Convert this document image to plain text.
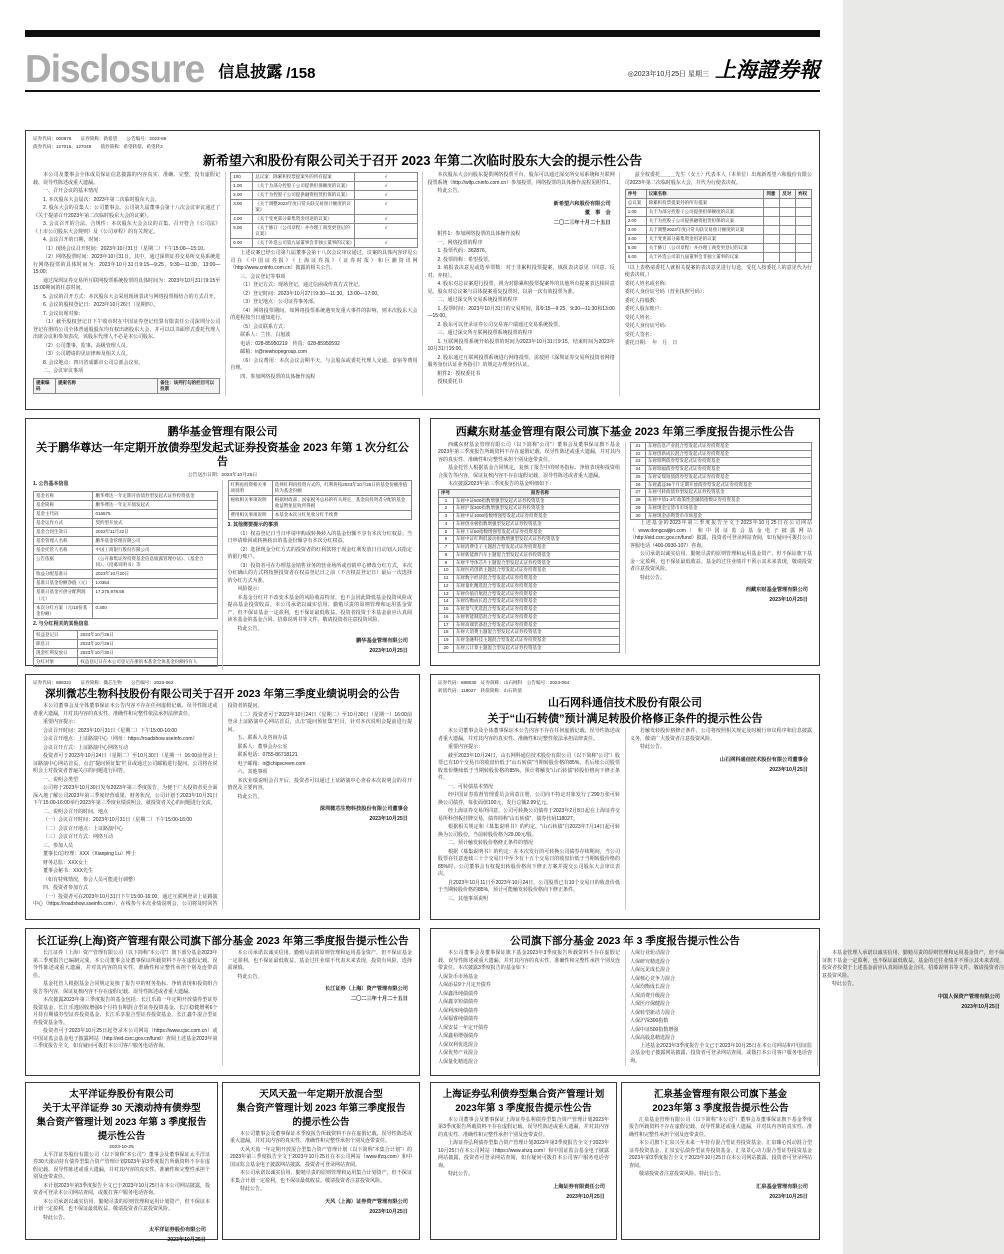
Disclosure 信息披露 /158	◎2023年10月25日 星期三 上海證券報
证券代码：000876　　证券简称：新希望　　公告编号：2023-86
债券代码：127015、127049　　债券简称：希望转债、希望转2
新希望六和股份有限公司关于召开 2023 年第二次临时股东大会的提示性公告
本公司及董事会全体成员保证信息披露的内容真实、准确、完整，没有虚假记载、误导性陈述或重大遗漏。
一、召开会议的基本情况
1. 本次股东大会届次：2023年第二次临时股东大会。
2. 股东大会的召集人：公司董事会。公司第九届董事会第十八次会议审议通过了《关于提请召开2023年第二次临时股东大会的议案》。
3. 会议召开的合法、合规性：本次股东大会会议的召集、召开符合《公司法》《上市公司股东大会规则》及《公司章程》的有关规定。
4. 会议召开的日期、时间：
（1）现场会议召开时间：2023年10月31日（星期二）下午15:00—15:10。
（2）网络投票时间：2023年10月31日。其中，通过深圳证券交易所交易系统进行网络投票的具体时间为：2023年10月31日9:15—9:25，9:30—11:30，13:00—15:00；
通过深圳证券交易所互联网投票系统投票的具体时间为：2023年10月31日9:15至15:00期间的任意时间。
5. 会议的召开方式：本次股东大会采用现场表决与网络投票相结合的方式召开。
6. 会议的股权登记日：2023年10月26日（星期四）。
7. 会议出席对象：
（1）截至股权登记日下午收市时在中国证券登记结算有限责任公司深圳分公司登记在册的公司全体普通股股东均有权出席股东大会，并可以以书面形式委托代理人出席会议和参加表决，该股东代理人不必是本公司股东。
（2）公司董事、监事、高级管理人员。
（3）公司聘请的见证律师及相关人员。
8. 会议地点：四川省成都市公司总部会议室。
二、会议审议事项
提案编码	提案名称	备注：该列打勾的栏目可以投票
100	总议案：除累积投票提案外的所有提案	√
1.00	《关于为部分控股子公司提供担保额度的议案》	√
2.00	《关于为控股子公司提供融资租赁担保的议案》	√
3.00	《关于调整2023年度日常关联交易预计额度的议案》	√
4.00	《关于变更部分募集资金用途的议案》	√
5.00	《关于修订〈公司章程〉并办理工商变更登记的议案》	√
6.00	《关于补选公司第九届董事会非独立董事的议案》	√
上述议案已经公司第九届董事会第十八次会议审议通过，议案的具体内容详见公司在《中国证券报》《上海证券报》《证券时报》和巨潮资讯网（http://www.cninfo.com.cn）披露的相关公告。
三、会议登记等事项
（1）登记方式：现场登记、通过信函或传真方式登记。
（2）登记时间：2023年10月27日9:30—11:30，13:00—17:00。
（3）登记地点：公司证券事务部。
（4）网络投票期间，如网络投票系统遇突发重大事件的影响，则本次股东大会的进程按当日通知进行。
（5）会议联系方式：
联系人：兰佳、白旭波
电话：028-85950219　传真：028-85950592
邮箱：ir@newhopegroup.com
（6）会议费用：本次会议会期半天，与会股东或委托代理人交通、食宿等费用自理。
四、参加网络投票的具体操作流程
本次股东大会向股东提供网络投票平台，股东可以通过深交所交易系统和互联网投票系统（http://wltp.cninfo.com.cn）参加投票，网络投票的具体操作流程见附件1。
特此公告。
新希望六和股份有限公司
董　事　会
二〇二三年十月二十五日
附件1：参加网络投票的具体操作流程
一、网络投票的程序
1. 投票代码：362876。
2. 投票简称：希望投票。
3. 填报表决意见或选举票数：对于非累积投票提案，填报表决意见（同意、反对、弃权）。
4. 股东对总议案进行投票，视为对除累积投票提案外的其他所有提案表达相同意见。股东对总议案与具体提案重复投票时，以第一次有效投票为准。
二、通过深交所交易系统投票的程序
1. 投票时间：2023年10月31日的交易时间，即9:15—9:25，9:30—11:30和13:00—15:00。
2. 股东可以登录证券公司交易客户端通过交易系统投票。
三、通过深交所互联网投票系统投票的程序
1. 互联网投票系统开始投票的时间为2023年10月31日9:15，结束时间为2023年10月31日15:00。
2. 股东通过互联网投票系统进行网络投票，需按照《深圳证券交易所投资者网络服务身份认证业务指引》的规定办理身份认证。
附件2：授权委托书
授权委托书
兹全权委托＿＿＿先生（女士）代表本人（本单位）出席新希望六和股份有限公司2023年第二次临时股东大会，并代为行使表决权。
序号	议案名称	同意	反对	弃权
总议案	除累积投票提案外的所有提案			
1.00	关于为部分控股子公司提供担保额度的议案			
2.00	关于为控股子公司提供融资租赁担保的议案			
3.00	关于调整2023年度日常关联交易预计额度的议案			
4.00	关于变更部分募集资金用途的议案			
5.00	关于修订〈公司章程〉并办理工商变更登记的议案			
6.00	关于补选公司第九届董事会非独立董事的议案			
（以上表格请委托人就相关提案的表决意见进行勾选，受托人按委托人的意见代为行使表决权。）
委托人姓名或名称：
委托人身份证号码（营业执照号码）：
委托人持股数：
委托人股东账户：
受托人姓名：
受托人身份证号码：
受托人签名：
委托日期：　年　月　日
鹏华基金管理有限公司
关于鹏华尊达一年定期开放债券型发起式证券投资基金 2023 年第 1 次分红公告
公告送出日期：2023年10月25日
1. 公告基本信息
基金名称	鹏华尊达一年定期开放债券型发起式证券投资基金
基金简称	鹏华尊达一年定开债发起式
基金主代码	016575
基金运作方式	契约型开放式
基金合同生效日	2022年11月22日
基金管理人名称	鹏华基金管理有限公司
基金托管人名称	中国工商银行股份有限公司
公告依据	《公开募集证券投资基金信息披露管理办法》、《基金合同》、《招募说明书》等
收益分配基准日	2023年10月20日
基准日基金份额净值（元）	1.0354
基准日基金可供分配利润（元）	17,275,978.56
本次分红方案（元/10份基金份额）	0.300
2. 与分红相关的其他信息
权益登记日	2023年10月26日
除息日	2023年10月26日
现金红利发放日	2023年10月30日
分红对象	权益登记日在本公司登记在册的本基金全体基金份额持有人
红利再投资相关事项说明	选择红利再投资方式的，红利将按2023年10月26日的基金份额净值转为基金份额
税收相关事项说明	根据财政部、国家税务总局的有关规定，基金向投资者分配的基金收益暂免征收所得税
费用相关事项说明	本基金本次分红免收分红手续费
3. 其他需要提示的事项
（1）权益登记日当日申请申购或转换转入的基金份额不享有本次分红权益；当日申请赎回或转换转出的基金份额享有本次分红权益。
（2）选择现金分红方式的投资者的红利款将于现金红利发放日自动划入其指定的银行账户。
（3）投资者可在办理基金销售业务的营业场所或直销中心修改分红方式，本次分红确认的方式将按照投资者在权益登记日之前（不含权益登记日）最后一次选择的分红方式为准。
风险提示：
本基金分红并不改变本基金的风险收益特征，也不会因此降低基金投资风险或提高基金投资收益。本公司承诺以诚实信用、勤勉尽责的原则管理和运用基金资产，但不保证基金一定盈利，也不保证最低收益。投资者投资于本基金前应认真阅读本基金的基金合同、招募说明书等文件。敬请投资者注意投资风险。
特此公告。
鹏华基金管理有限公司
2023年10月25日
西藏东财基金管理有限公司旗下基金 2023 年第三季度报告提示性公告
西藏东财基金管理有限公司（以下简称“公司”）董事会及董事保证旗下基金2023年第三季度报告所载资料不存在虚假记载、误导性陈述或重大遗漏，并对其内容的真实性、准确性和完整性承担个别及连带责任。
基金托管人根据基金合同规定，复核了报告中的财务指标、净值表现和投资组合报告等内容，保证复核内容不存在虚假记载、误导性陈述或者重大遗漏。
本次披露2023年第三季度报告的基金明细如下：
序号	报告名称
1	东财中证500指数增强型发起式证券投资基金
2	东财沪深300指数增强型发起式证券投资基金
3	东财中证1000指数增强型发起式证券投资基金
4	东财创业板指数增强型发起式证券投资基金
5	东财上证50指数增强型发起式证券投资基金
6	东财中证红利低波动指数增强型发起式证券投资基金
7	东财消费电子主题混合型发起式证券投资基金
8	东财新能源汽车主题混合型发起式证券投资基金
9	东财半导体芯片主题混合型发起式证券投资基金
10	东财医药创新主题混合型发起式证券投资基金
11	东财数字经济混合型发起式证券投资基金
12	东财量化精选混合型发起式证券投资基金
13	东财价值启航混合型发起式证券投资基金
14	东财均衡成长混合型发起式证券投资基金
15	东财景气优选混合型发起式证券投资基金
16	东财智能制造混合型发起式证券投资基金
17	东财高端装备混合型发起式证券投资基金
18	东财大消费主题混合型发起式证券投资基金
19	东财金融科技主题混合型发起式证券投资基金
20	东财云计算主题混合型发起式证券投资基金
21	东财信息产业混合型发起式证券投资基金
22	东财创新成长混合型发起式证券投资基金
23	东财瑞利债券型发起式证券投资基金
24	东财瑞福债券型发起式证券投资基金
25	东财安瑞短债债券型发起式证券投资基金
26	东财鑫益39个月定期开放债券型发起式证券投资基金
27	东财可转债债券型发起式证券投资基金
28	东财中债1-3年政策性金融债指数证券投资基金
29	东财现金宝货币市场基金
30	东财现金添利货币市场基金
上述基金的2023年第三季度报告全文于2023年10月25日在公司网站（www.dongcaijijin.com）和中国证监会基金电子披露网站（http://eid.csrc.gov.cn/fund）披露，投资者可登录网站查阅，如有疑问可拨打公司客服电话（400-0930-107）咨询。
公司承诺以诚实信用、勤勉尽责的原则管理和运用基金资产，但不保证旗下基金一定盈利，也不保证最低收益。基金的过往业绩并不预示其未来表现，敬请投资者注意投资风险。
特此公告。
西藏东财基金管理有限公司
2023年10月25日
证券代码：688321　　证券简称：微芯生物　　公告编号：2023-062
深圳微芯生物科技股份有限公司关于召开 2023 年第三季度业绩说明会的公告
本公司董事会及全体董事保证本公告内容不存在任何虚假记载、误导性陈述或者重大遗漏，并对其内容的真实性、准确性和完整性依法承担法律责任。
重要内容提示：
会议召开时间：2023年10月31日（星期二）下午15:00-16:00
会议召开地点：上证路演中心（网址：https://roadshow.sseinfo.com）
会议召开方式：上证路演中心网络互动
投资者可于2023年10月24日（星期二）至10月30日（星期一）16:00前登录上证路演中心网站首页，点击“提问预征集”栏目或通过公司邮箱进行提问。公司将在说明会上对投资者普遍关注的问题进行回答。
一、说明会类型
公司将于2023年10月30日发布2023年第三季度报告，为便于广大投资者更全面深入地了解公司2023年第三季度经营成果、财务状况，公司计划于2023年10月31日下午15:00-16:00举行2023年第三季度业绩说明会，就投资者关心的问题进行交流。
二、说明会召开的时间、地点
（一）会议召开时间：2023年10月31日（星期二）下午15:00-16:00
（二）会议召开地点：上证路演中心
（三）会议召开方式：网络互动
三、参加人员
董事长/总经理：XXX（Xianping Lu）博士
财务总监：XXX女士
董事会秘书：XXX先生
（如有特殊情况，参会人员可能进行调整）
四、投资者参加方式
（一）投资者可在2023年10月31日下午15:00-16:00，通过互联网登录上证路演中心（https://roadshow.sseinfo.com），在线参与本次业绩说明会，公司将及时回答投资者的提问。
（二）投资者可于2023年10月24日（星期二）至10月30日（星期一）16:00前登录上证路演中心网站首页，点击“提问预征集”栏目，针对本次说明会提前进行提问。
五、联系人及咨询办法
联系人：董事会办公室
联系电话：0755-86718121
电子邮箱：ir@chipscreen.com
六、其他事项
本次业绩说明会召开后，投资者可以通过上证路演中心查看本次说明会的召开情况及主要内容。
特此公告。
深圳微芯生物科技股份有限公司董事会
2023年10月25日
证券代码：688030　证券简称：山石网科　公告编号：2023-064
转债代码：118027　转债简称：山石转债
山石网科通信技术股份有限公司
关于“山石转债”预计满足转股价格修正条件的提示性公告
本公司董事会及全体董事保证本公告内容不存在任何虚假记载、误导性陈述或者重大遗漏，并对其内容的真实性、准确性和完整性依法承担法律责任。
重要内容提示：
截至2023年10月24日，山石网科通信技术股份有限公司（以下简称“公司”）股票已有10个交易日的收盘价低于“山石转债”当期转股价格的85%，若后续公司股票收盘价继续低于当期转股价格的85%，预计将触发“山石转债”转股价格向下修正条件。
一、可转债基本情况
经中国证券监督管理委员会同意注册，公司向不特定对象发行了299万张可转换公司债券，每张面值100元，发行总额2.99亿元。
经上海证券交易所同意，公司可转换公司债券于2023年2月8日起在上海证券交易所科创板挂牌交易，债券简称“山石转债”，债券代码118027。
根据相关规定和《募集说明书》的约定，“山石转债”自2023年7月14日起可转换为公司股份，当前转股价格为29.00元/股。
二、预计触发转股价格修正条件的情况
根据《募集说明书》的约定：在本次发行的可转换公司债券存续期间，当公司股票在任意连续三十个交易日中至少有十五个交易日的收盘价低于当期转股价格的85%时，公司董事会有权提出转股价格向下修正方案并提交公司股东大会审议表决。
自2023年10月11日至2023年10月24日，公司股票已有10个交易日的收盘价低于当期转股价格的85%，预计可能触发转股价格向下修正条件。
三、其他事项说明
若触发转股价格修正条件，公司将按照相关规定及时履行审议程序和信息披露义务，敬请广大投资者注意投资风险。
特此公告。
山石网科通信技术股份有限公司董事会
2023年10月25日
长江证券(上海)资产管理有限公司旗下部分基金 2023 年第三季度报告提示性公告
长江证券（上海）资产管理有限公司（以下简称“本公司”）旗下部分基金2023年第三季度报告已编制完成，本公司董事会及董事保证所载资料不存在虚假记载、误导性陈述或重大遗漏，并对其内容的真实性、准确性和完整性承担个别及连带责任。
基金托管人根据基金合同规定复核了报告中的财务指标、净值表现和投资组合报告等内容，保证复核内容不存在虚假记载、误导性陈述或者重大遗漏。
本次披露2023年第三季度报告的基金包括：长江乐盈一年定期开放债券型证券投资基金、长江乐逸固收增强6个月持有期混合型证券投资基金、长江稳健增利6个月持有期债券型证券投资基金、长江乐享混合型证券投资基金、长江鑫牛混合型证券投资基金等。
投资者可于2023年10月25日起登录本公司网站（https://www.cjsc.com.cn）或中国证监会基金电子披露网站（http://eid.csrc.gov.cn/fund）查阅上述基金2023年第三季度报告全文，如有疑问可拨打本公司客户服务电话咨询。
本公司承诺以诚实信用、勤勉尽责的原则管理和运用基金资产，但不保证基金一定盈利，也不保证最低收益。基金过往业绩不代表未来表现，投资有风险，选择需谨慎。
特此公告。
长江证券（上海）资产管理有限公司
二〇二三年十月二十五日
公司旗下部分基金 2023 年 3 季度报告提示性公告
本公司董事会及董事保证旗下基金2023年3季度报告所载资料不存在虚假记载、误导性陈述或重大遗漏，并对其内容的真实性、准确性和完整性承担个别及连带责任。本次披露3季度报告的基金如下：
人保货币市场基金
人保添益9个月定开债券
人保鑫泽纯债债券
人保鑫享短债债券
人保利淳纯债债券
人保福睿纯债债券
人保安益一年定开债券
人保鑫裕增强债券
人保双利优选混合
人保优势产业混合
人保量化精选混合
人保行业轮动混合
人保研究精选混合
人保远见成长混合
人保核心竞争力混合
人保均衡成长混合
人保消费升级混合
人保医疗保健混合
人保转型新动力混合
人保沪深300指数
人保中证500指数增强
人保高股息精选混合
上述基金2023年3季度报告全文已于2023年10月25日在本公司网站和中国证监会基金电子披露网站披露，投资者可登录网站查阅，或拨打本公司客户服务电话咨询。
本基金管理人承诺以诚实信用、勤勉尽责的原则管理和运用基金资产，但不保证旗下基金一定盈利，也不保证最低收益。基金的过往业绩并不预示其未来表现。投资者投资于上述基金前应认真阅读基金合同、招募说明书等文件。敬请投资者注意投资风险。
特此公告。
中国人保资产管理有限公司
2023年10月25日
太平洋证券股份有限公司
关于太平洋证券 30 天滚动持有债券型
集合资产管理计划 2023 年第 3 季度报告
提示性公告
2023-10-25
太平洋证券股份有限公司（以下简称“本公司”）董事会及董事保证太平洋证券30天滚动持有债券型集合资产管理计划2023年第3季度报告所载资料不存在虚假记载、误导性陈述或重大遗漏，并对其内容的真实性、准确性和完整性承担个别及连带责任。
本计划2023年第3季度报告全文已于2023年10月25日在本公司网站披露，投资者可登录本公司网站查阅，或拨打客户服务电话咨询。
本公司承诺以诚实信用、勤勉尽责的原则管理和运用计划资产，但不保证本计划一定盈利，也不保证最低收益。敬请投资者注意投资风险。
特此公告。
太平洋证券股份有限公司
2023年10月25日
天风天盈一年定期开放混合型
集合资产管理计划 2023 年第三季度报告
的提示性公告
本公司董事会及董事保证本季度报告所载资料不存在虚假记载、误导性陈述或重大遗漏，并对其内容的真实性、准确性和完整性承担个别及连带责任。
天风天盈一年定期开放混合型集合资产管理计划（以下简称“本集合计划”）的2023年第三季度报告全文于2023年10月25日在本公司网站（www.tfzq.com）和中国证监会基金电子披露网站披露，投资者可登录网站查阅。
本公司承诺以诚实信用、勤勉尽责的原则管理和运用集合计划资产，但不保证本集合计划一定盈利，也不保证最低收益。敬请投资者注意投资风险。
特此公告。
天风（上海）证券资产管理有限公司
2023年10月25日
上海证券弘利债券型集合资产管理计划
2023年第 3 季度报告提示性公告
本公司董事会及董事保证上海证券弘利债券型集合资产管理计划2023年第3季度报告所载资料不存在虚假记载、误导性陈述或重大遗漏，并对其内容的真实性、准确性和完整性承担个别及连带责任。
上海证券弘利债券型集合资产管理计划2023年第3季度报告全文于2023年10月25日在本公司网站（https://www.shzq.com）和中国证监会基金电子披露网站披露，投资者可登录网站查阅，如有疑问可拨打本公司客户服务电话咨询。
特此公告。
上海证券有限责任公司
2023年10月25日
汇泉基金管理有限公司旗下基金
2023年第 3 季度报告提示性公告
汇泉基金管理有限公司（以下简称“本公司”）董事会及董事保证旗下基金季度报告所载资料不存在虚假记载、误导性陈述或重大遗漏，并对其内容的真实性、准确性和完整性承担个别及连带责任。
本公司旗下汇泉兴至未来一年持有混合型证券投资基金、汇泉臻心悦动混合型证券投资基金、汇泉安弘债券型证券投资基金、汇泉景心动力混合型证券投资基金2023年第3季度报告全文于2023年10月25日在本公司网站披露，投资者可登录网站查阅。
敬请投资者注意投资风险。特此公告。
汇泉基金管理有限公司
2023年10月25日
